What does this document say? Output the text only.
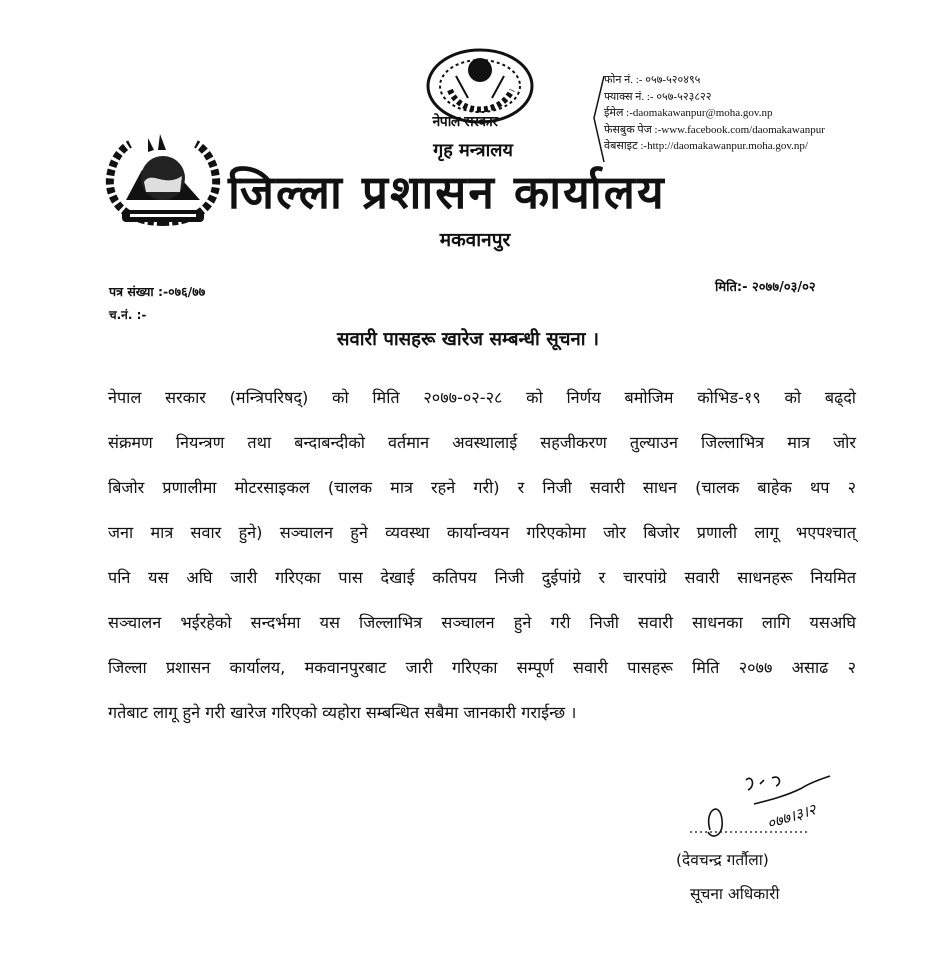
नेपाल सरकार
गृह मन्त्रालय
जिल्ला प्रशासन कार्यालय
मकवानपुर
फोन नं. :- ०५७-५२०४९५
फ्याक्स नं. :- ०५७-५२३८२२
ईमेल :-daomakawanpur@moha.gov.np
फेसबुक पेज :-www.facebook.com/daomakawanpur
वेबसाइट :-http://daomakawanpur.moha.gov.np/
पत्र संख्या :-०७६/७७
च.नं. :-
मिति:- २०७७/०३/०२
सवारी पासहरू खारेज सम्बन्धी सूचना ।
नेपाल सरकार (मन्त्रिपरिषद्) को मिति २०७७-०२-२८ को निर्णय बमोजिम कोभिड-१९ को बढ्दो
संक्रमण नियन्त्रण तथा बन्दाबन्दीको वर्तमान अवस्थालाई सहजीकरण तुल्याउन जिल्लाभित्र मात्र जोर
बिजोर प्रणालीमा मोटरसाइकल (चालक मात्र रहने गरी) र निजी सवारी साधन (चालक बाहेक थप २
जना मात्र सवार हुने) सञ्चालन हुने व्यवस्था कार्यान्वयन गरिएकोमा जोर बिजोर प्रणाली लागू भएपश्चात्
पनि यस अघि जारी गरिएका पास देखाई कतिपय निजी दुईपांग्रे र चारपांग्रे सवारी साधनहरू नियमित
सञ्चालन भईरहेको सन्दर्भमा यस जिल्लाभित्र सञ्चालन हुने गरी निजी सवारी साधनका लागि यसअघि
जिल्ला प्रशासन कार्यालय, मकवानपुरबाट जारी गरिएका सम्पूर्ण सवारी पासहरू मिति २०७७ असाढ २
गतेबाट लागू हुने गरी खारेज गरिएको व्यहोरा सम्बन्धित सबैमा जानकारी गराईन्छ ।
०७७।३।२
(देवचन्द्र गर्तौला)
सूचना अधिकारी
